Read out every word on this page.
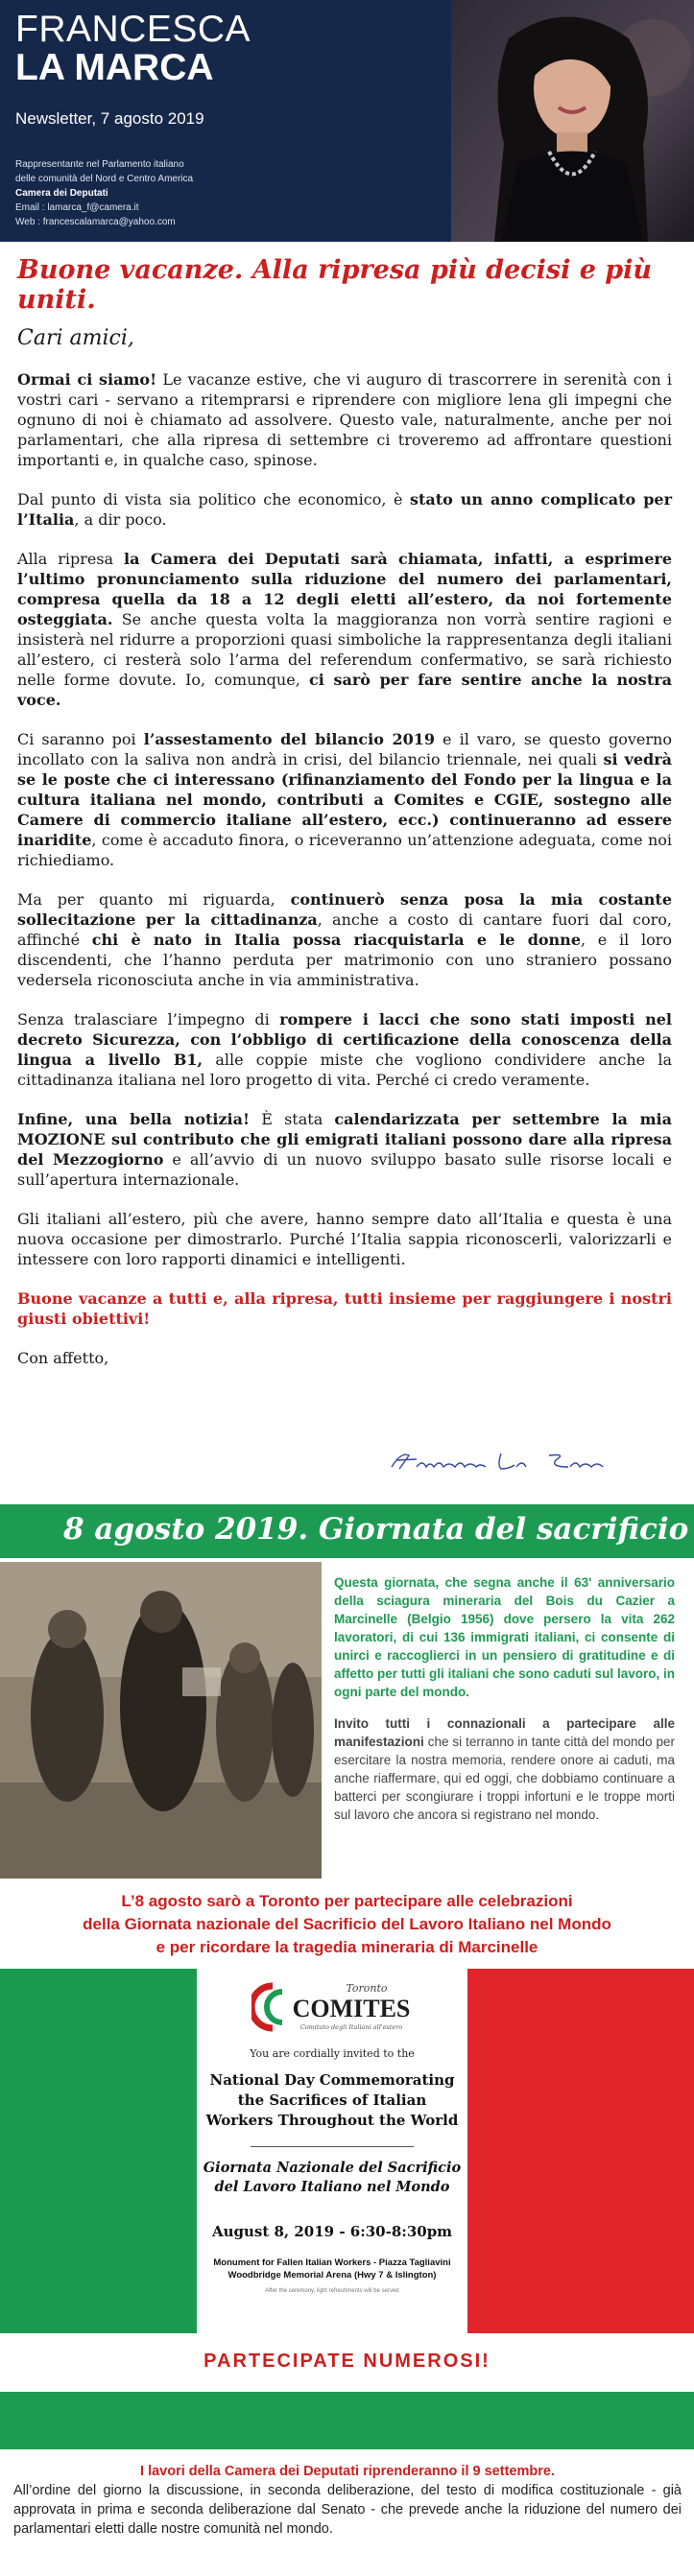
FRANCESCA
LA MARCA
Newsletter, 7 agosto 2019
Rappresentante nel Parlamento italiano
delle comunità del Nord e Centro America
Camera dei Deputati
Email : lamarca_f@camera.it
Web : francescalamarca@yahoo.com
Buone vacanze. Alla ripresa più decisi e più uniti.
Cari amici,

Ormai ci siamo! Le vacanze estive, che vi auguro di trascorrere in serenità con i vostri cari - servano a ritemprarsi e riprendere con migliore lena gli impegni che ognuno di noi è chiamato ad assolvere. Questo vale, naturalmente, anche per noi parlamentari, che alla ripresa di settembre ci troveremo ad affrontare questioni importanti e, in qualche caso, spinose.

Dal punto di vista sia politico che economico, è stato un anno complicato per l’Italia, a dir poco.

Alla ripresa la Camera dei Deputati sarà chiamata, infatti, a esprimere l’ultimo pronunciamento sulla riduzione del numero dei parlamentari, compresa quella da 18 a 12 degli eletti all’estero, da noi fortemente osteggiata. Se anche questa volta la maggioranza non vorrà sentire ragioni e insisterà nel ridurre a proporzioni quasi simboliche la rappresentanza degli italiani all’estero, ci resterà solo l’arma del referendum confermativo, se sarà richiesto nelle forme dovute. Io, comunque, ci sarò per fare sentire anche la nostra voce.

Ci saranno poi l’assestamento del bilancio 2019 e il varo, se questo governo incollato con la saliva non andrà in crisi, del bilancio triennale, nei quali si vedrà se le poste che ci interessano (rifinanziamento del Fondo per la lingua e la cultura italiana nel mondo, contributi a Comites e CGIE, sostegno alle Camere di commercio italiane all’estero, ecc.) continueranno ad essere inaridite, come è accaduto finora, o riceveranno un’attenzione adeguata, come noi richiediamo.

Ma per quanto mi riguarda, continuerò senza posa la mia costante sollecitazione per la cittadinanza, anche a costo di cantare fuori dal coro, affinché chi è nato in Italia possa riacquistarla e le donne, e il loro discendenti, che l’hanno perduta per matrimonio con uno straniero possano vedersela riconosciuta anche in via amministrativa.

Senza tralasciare l’impegno di rompere i lacci che sono stati imposti nel decreto Sicurezza, con l’obbligo di certificazione della conoscenza della lingua a livello B1, alle coppie miste che vogliono condividere anche la cittadinanza italiana nel loro progetto di vita. Perché ci credo veramente.

Infine, una bella notizia! È stata calendarizzata per settembre la mia MOZIONE sul contributo che gli emigrati italiani possono dare alla ripresa del Mezzogiorno e all’avvio di un nuovo sviluppo basato sulle risorse locali e sull’apertura internazionale.

Gli italiani all’estero, più che avere, hanno sempre dato all’Italia e questa è una nuova occasione per dimostrarlo. Purché l’Italia sappia riconoscerli, valorizzarli e intessere con loro rapporti dinamici e intelligenti.

Buone vacanze a tutti e, alla ripresa, tutti insieme per raggiungere i nostri giusti obiettivi!

Con affetto,

8 agosto 2019. Giornata del sacrificio

Questa giornata, che segna anche il 63' anniversario della sciagura mineraria del Bois du Cazier a Marcinelle (Belgio 1956) dove persero la vita 262 lavoratori, di cui 136 immigrati italiani, ci consente di unirci e raccoglierci in un pensiero di gratitudine e di affetto per tutti gli italiani che sono caduti sul lavoro, in ogni parte del mondo.

Invito tutti i connazionali a partecipare alle manifestazioni che si terranno in tante città del mondo per esercitare la nostra memoria, rendere onore ai caduti, ma anche riaffermare, qui ed oggi, che dobbiamo continuare a batterci per scongiurare i troppi infortuni e le troppe morti sul lavoro che ancora si registrano nel mondo.

L’8 agosto sarò a Toronto per partecipare alle celebrazioni
della Giornata nazionale del Sacrificio del Lavoro Italiano nel Mondo
e per ricordare la tragedia mineraria di Marcinelle
Toronto
COMITES
Comitato degli Italiani all'estero
You are cordially invited to the
National Day Commemorating the Sacrifices of Italian Workers Throughout the World
Giornata Nazionale del Sacrificio del Lavoro Italiano nel Mondo
August 8, 2019 - 6:30-8:30pm
Monument for Fallen Italian Workers - Piazza Tagliavini
Woodbridge Memorial Arena (Hwy 7 & Islington)
After the ceremony, light refreshments will be served
PARTECIPATE NUMEROSI!
I lavori della Camera dei Deputati riprenderanno il 9 settembre.
All’ordine del giorno la discussione, in seconda deliberazione, del testo di modifica costituzionale - già approvata in prima e seconda deliberazione dal Senato - che prevede anche la riduzione del numero dei parlamentari eletti dalle nostre comunità nel mondo.
